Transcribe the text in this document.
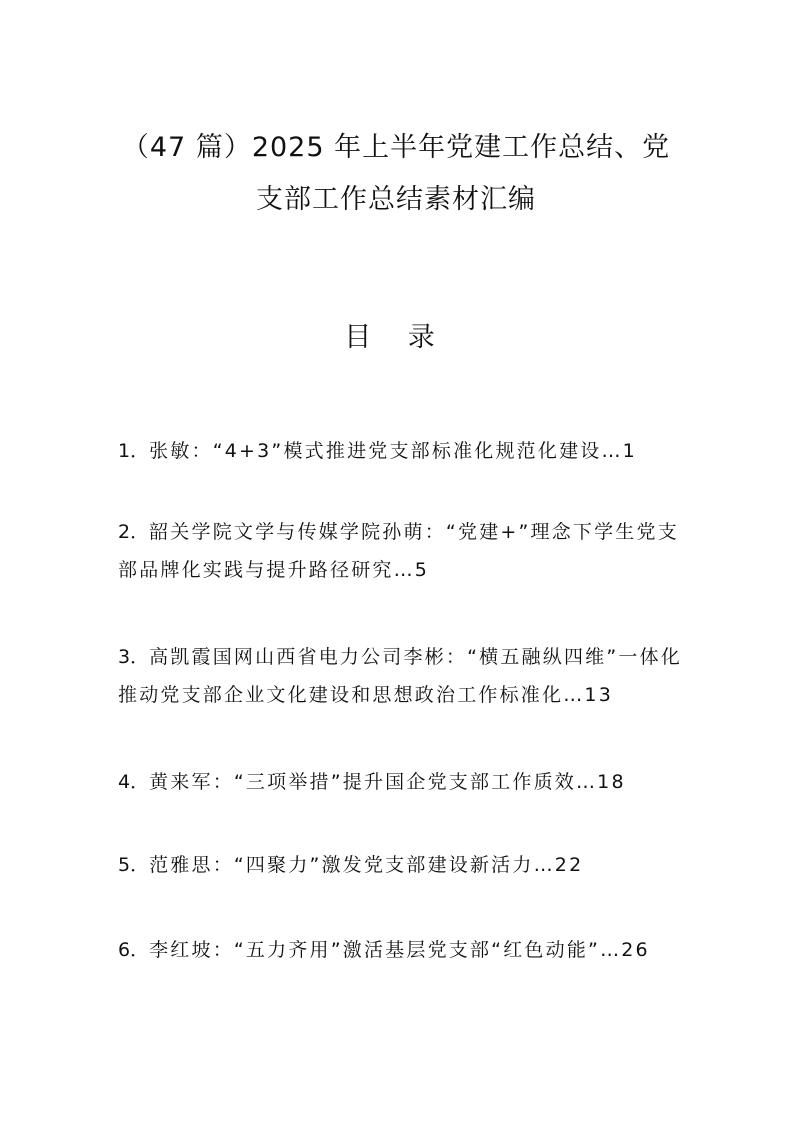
（47 篇）2025 年上半年党建工作总结、党
支部工作总结素材汇编
目 录
1．张敏：“4+3”模式推进党支部标准化规范化建设…1
2．韶关学院文学与传媒学院孙萌：“党建+”理念下学生党支部品牌化实践与提升路径研究…5
3．高凯霞国网山西省电力公司李彬：“横五融纵四维”一体化推动党支部企业文化建设和思想政治工作标准化…13
4．黄来军：“三项举措”提升国企党支部工作质效…18
5．范雅思：“四聚力”激发党支部建设新活力…22
6．李红坡：“五力齐用”激活基层党支部“红色动能”…26
